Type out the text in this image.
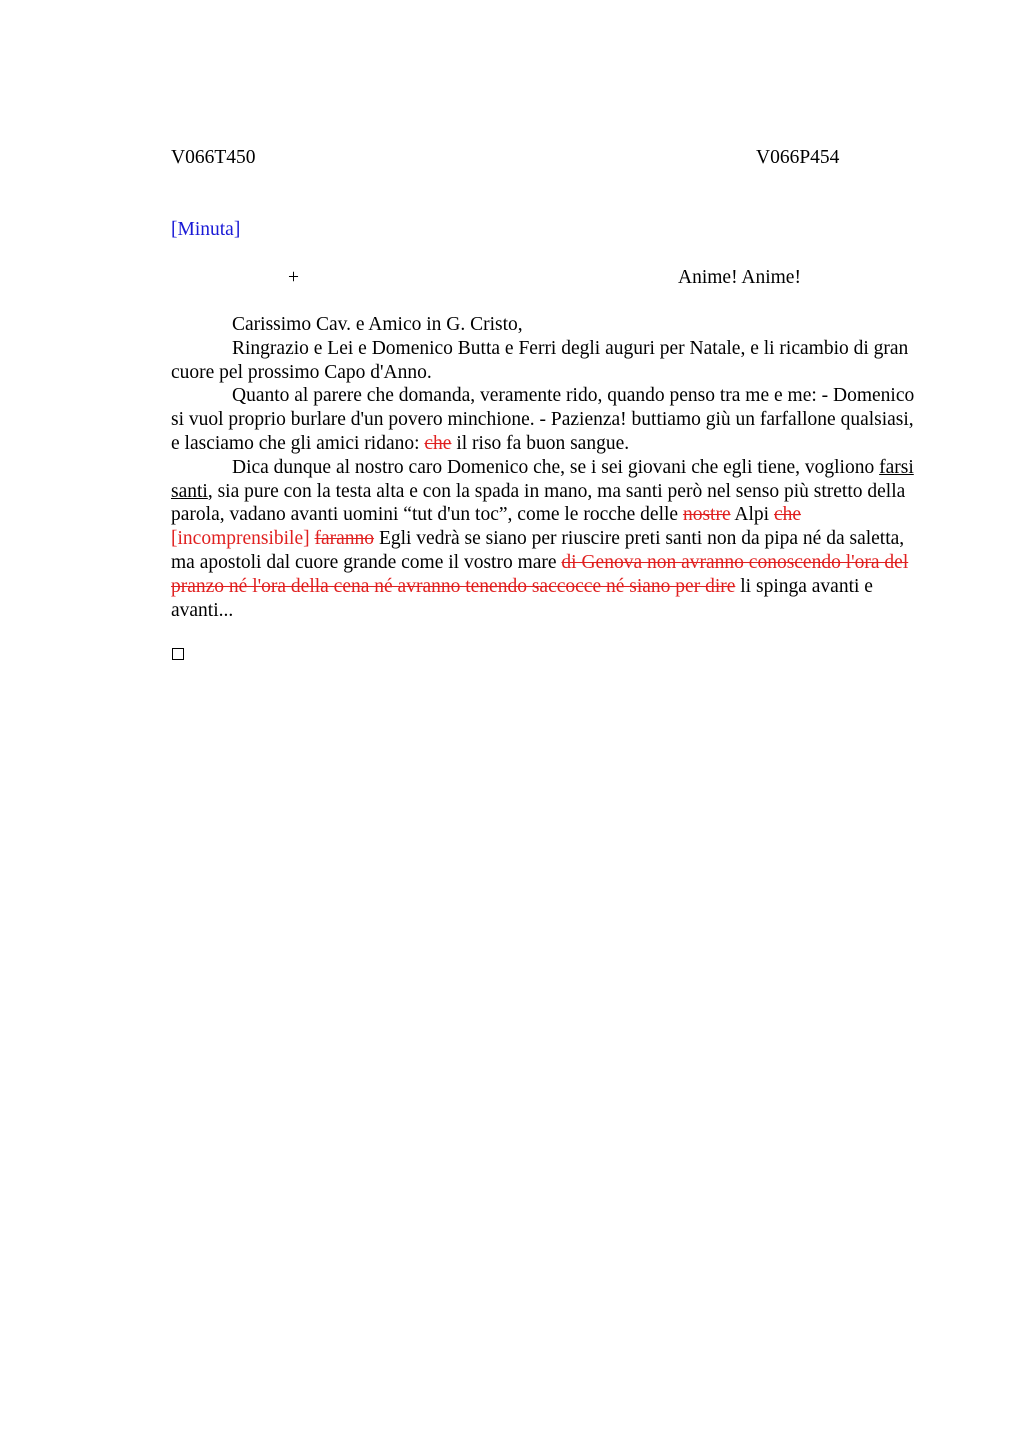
V066T450	V066P454
[Minuta]
+	Anime! Anime!

Carissimo Cav. e Amico in G. Cristo,

Ringrazio e Lei e Domenico Butta e Ferri degli auguri per Natale, e li ricambio di gran cuore pel prossimo Capo d'Anno.

Quanto al parere che domanda, veramente rido, quando penso tra me e me: - Domenico si vuol proprio burlare d'un povero minchione. - Pazienza! buttiamo giù un farfallone qualsiasi, e lasciamo che gli amici ridano: che il riso fa buon sangue.

Dica dunque al nostro caro Domenico che, se i sei giovani che egli tiene, vogliono farsi santi, sia pure con la testa alta e con la spada in mano, ma santi però nel senso più stretto della parola, vadano avanti uomini “tut d'un toc”, come le rocche delle nostre Alpi che [incomprensibile] faranno Egli vedrà se siano per riuscire preti santi non da pipa né da saletta, ma apostoli dal cuore grande come il vostro mare di Genova non avranno conoscendo l'ora del pranzo né l'ora della cena né avranno tenendo saccocce né siano per dire li spinga avanti e avanti...
